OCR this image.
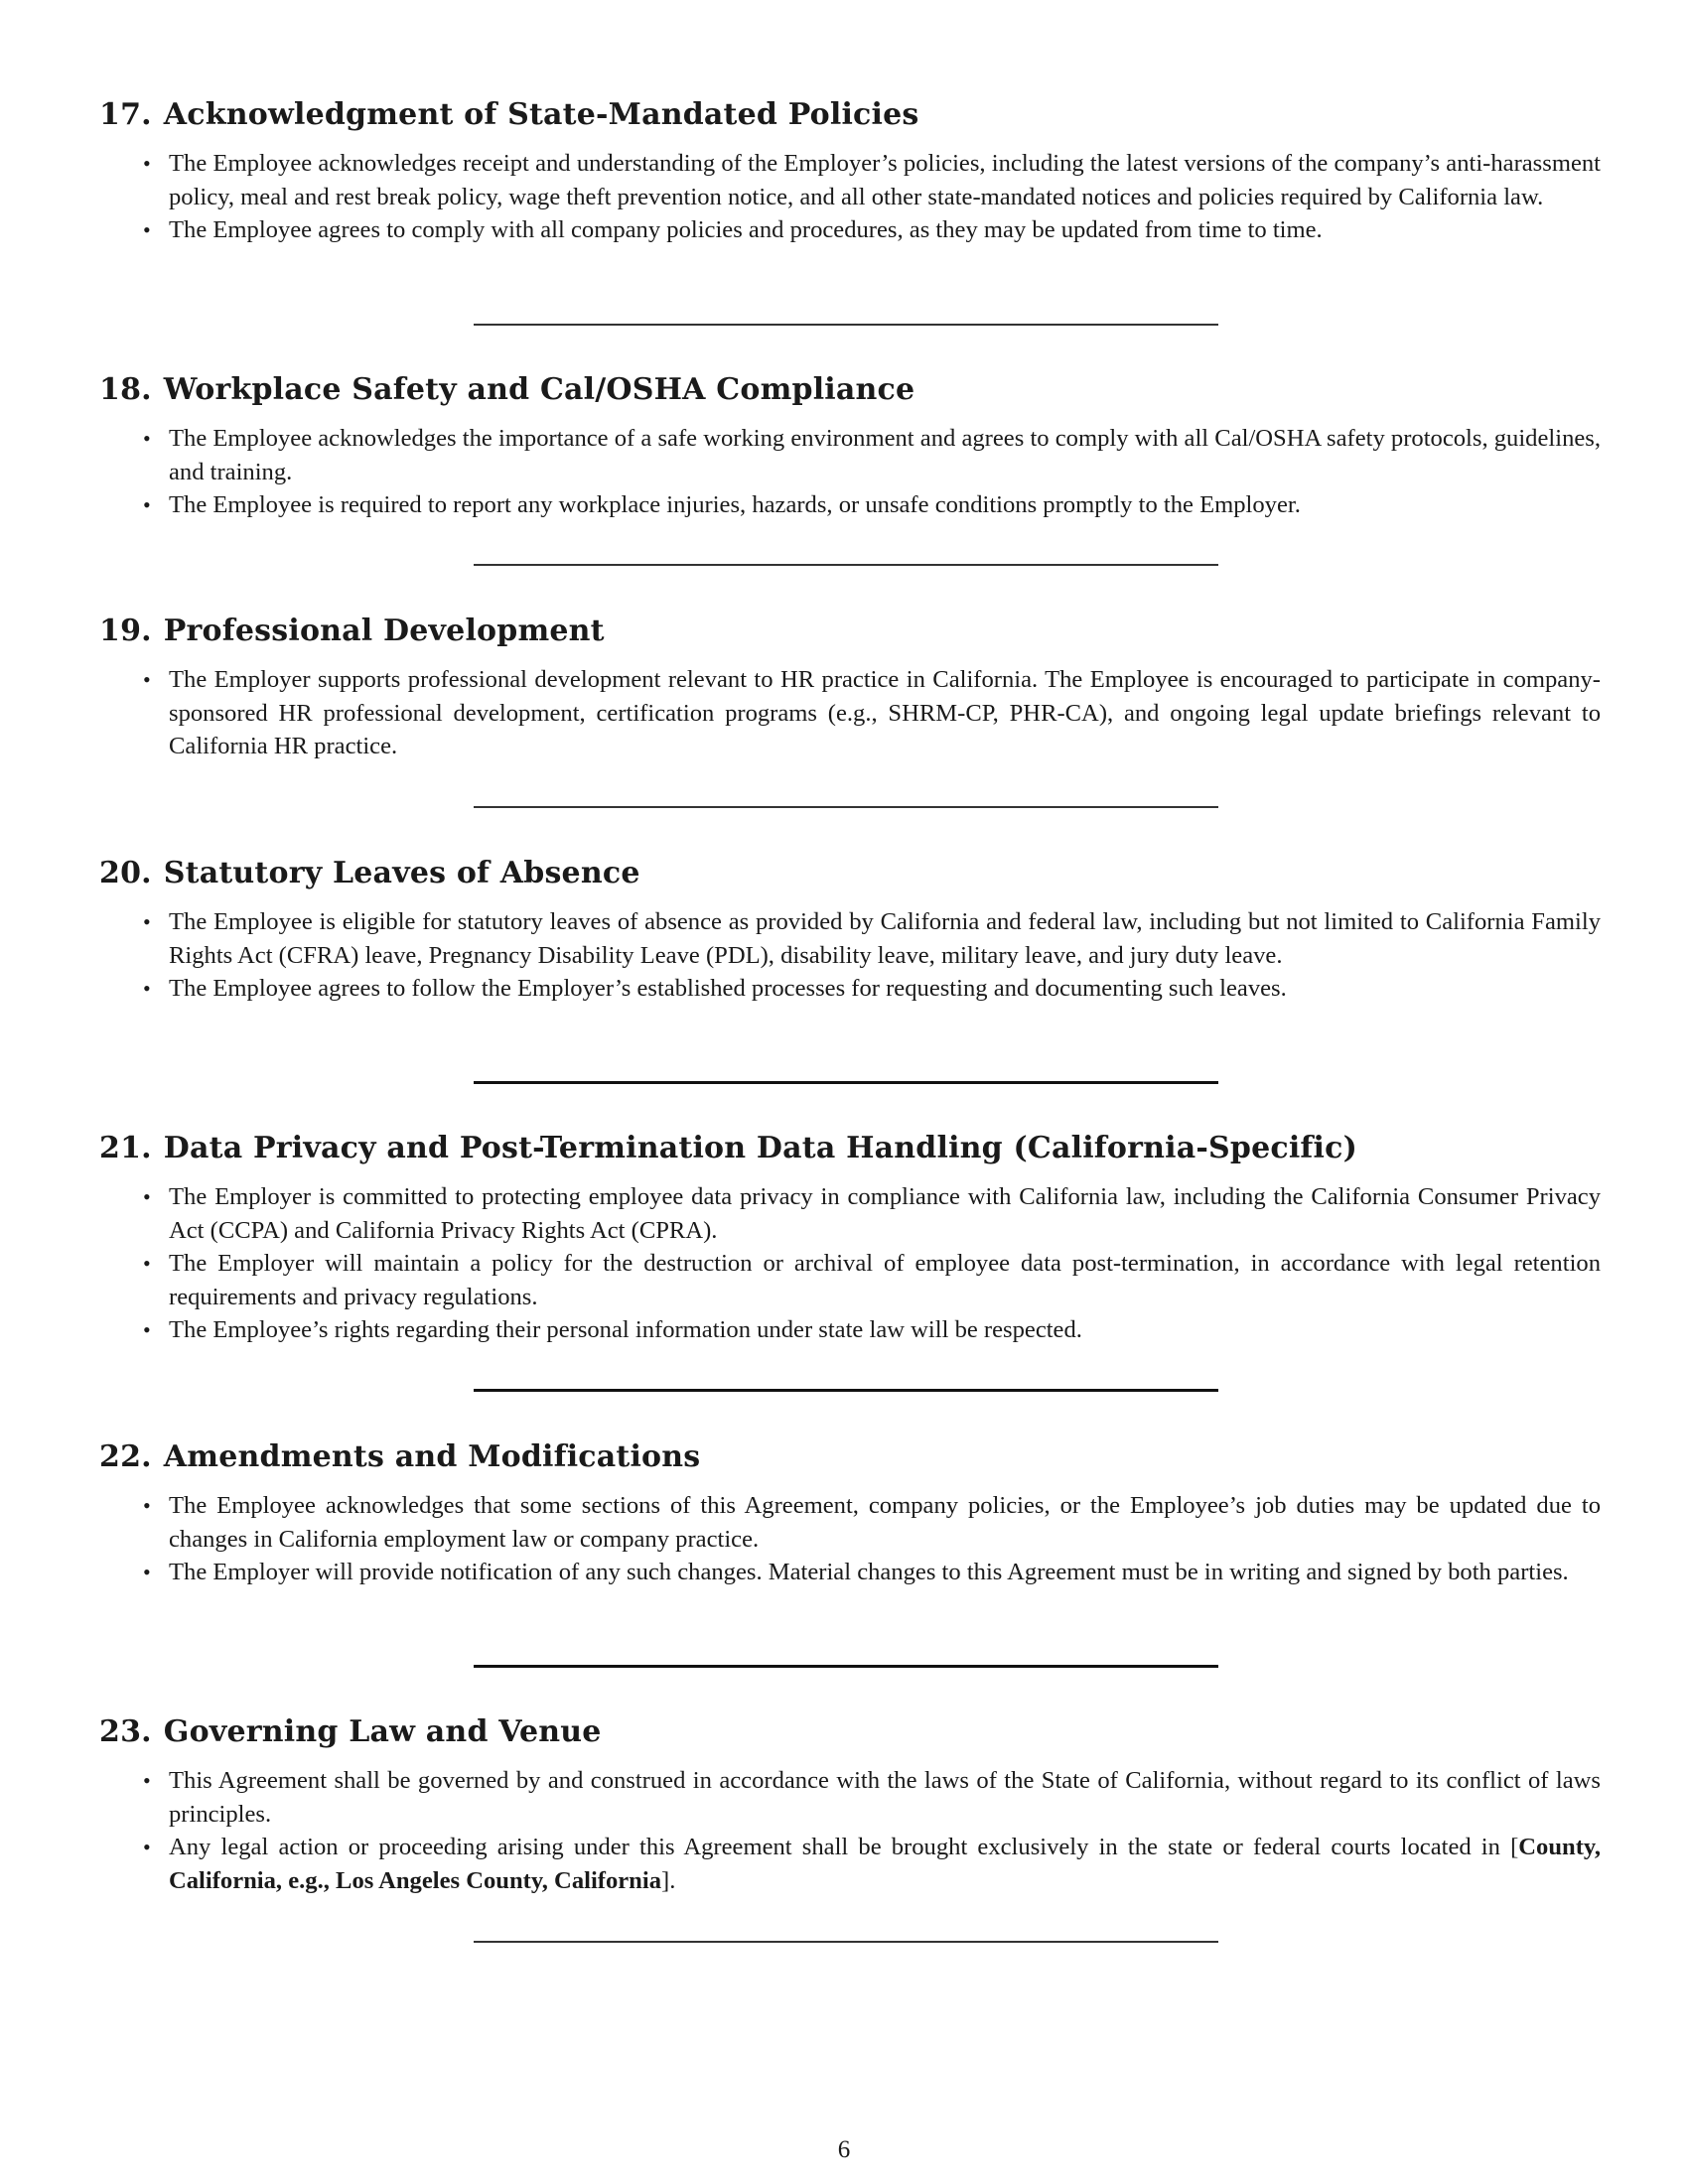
17. Acknowledgment of State-Mandated Policies
• The Employee acknowledges receipt and understanding of the Employer’s policies, including the latest versions of the company’s anti-harassment policy, meal and rest break policy, wage theft prevention notice, and all other state-mandated notices and policies required by California law.
• The Employee agrees to comply with all company policies and procedures, as they may be updated from time to time.
18. Workplace Safety and Cal/OSHA Compliance
• The Employee acknowledges the importance of a safe working environment and agrees to comply with all Cal/OSHA safety protocols, guidelines, and training.
• The Employee is required to report any workplace injuries, hazards, or unsafe conditions promptly to the Employer.
19. Professional Development
• The Employer supports professional development relevant to HR practice in California. The Employee is encouraged to participate in company-sponsored HR professional development, certification programs (e.g., SHRM-CP, PHR-CA), and ongoing legal update briefings relevant to California HR practice.
20. Statutory Leaves of Absence
• The Employee is eligible for statutory leaves of absence as provided by California and federal law, including but not limited to California Family Rights Act (CFRA) leave, Pregnancy Disability Leave (PDL), disability leave, military leave, and jury duty leave.
• The Employee agrees to follow the Employer’s established processes for requesting and documenting such leaves.
21. Data Privacy and Post-Termination Data Handling (California-Specific)
• The Employer is committed to protecting employee data privacy in compliance with California law, including the California Consumer Privacy Act (CCPA) and California Privacy Rights Act (CPRA).
• The Employer will maintain a policy for the destruction or archival of employee data post-termination, in accordance with legal retention requirements and privacy regulations.
• The Employee’s rights regarding their personal information under state law will be respected.
22. Amendments and Modifications
• The Employee acknowledges that some sections of this Agreement, company policies, or the Employee’s job duties may be updated due to changes in California employment law or company practice.
• The Employer will provide notification of any such changes. Material changes to this Agreement must be in writing and signed by both parties.
23. Governing Law and Venue
• This Agreement shall be governed by and construed in accordance with the laws of the State of California, without regard to its conflict of laws principles.
• Any legal action or proceeding arising under this Agreement shall be brought exclusively in the state or federal courts located in [County, California, e.g., Los Angeles County, California].
6
